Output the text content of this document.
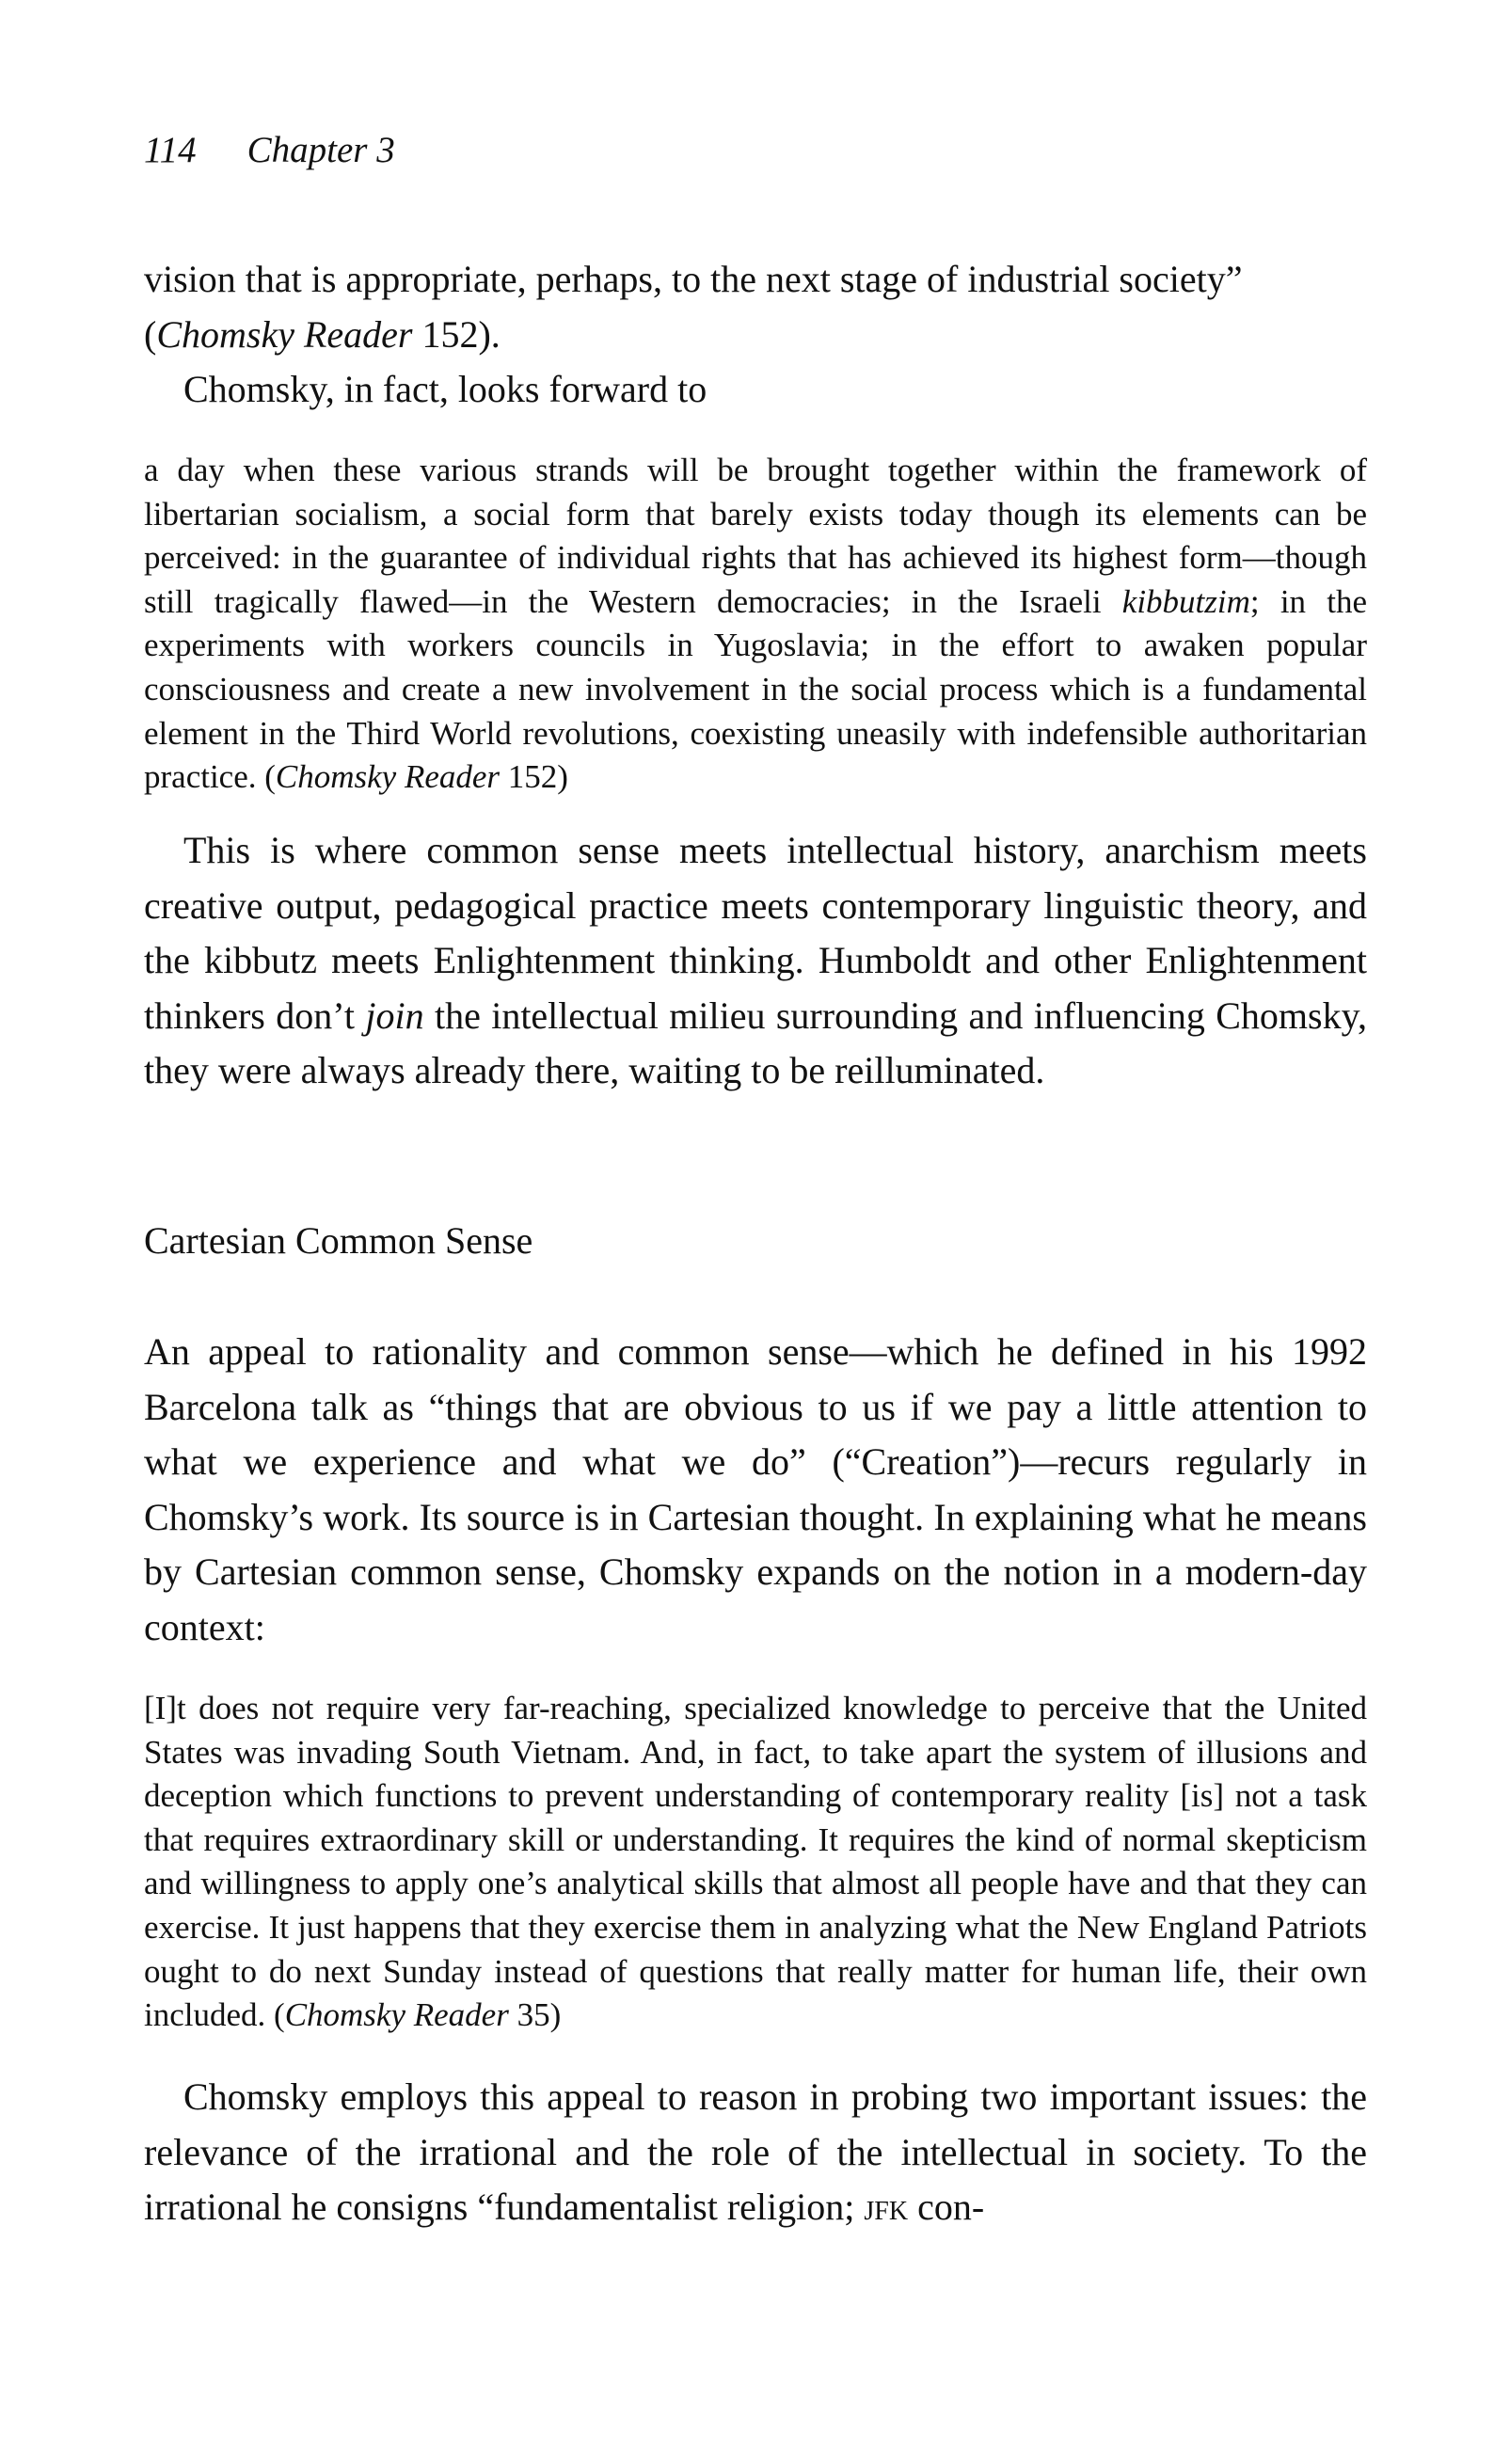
114 Chapter 3
vision that is appropriate, perhaps, to the next stage of industrial society”
(Chomsky Reader 152).
Chomsky, in fact, looks forward to
a day when these various strands will be brought together within the framework of libertarian socialism, a social form that barely exists today though its elements can be perceived: in the guarantee of individual rights that has achieved its highest form—though still tragically flawed—in the Western democracies; in the Israeli kibbutzim; in the experiments with workers councils in Yugoslavia; in the effort to awaken popular consciousness and create a new involvement in the social process which is a fundamental element in the Third World revolutions, coexisting uneasily with indefensible authoritarian practice. (Chomsky Reader 152)
This is where common sense meets intellectual history, anarchism meets creative output, pedagogical practice meets contemporary linguistic theory, and the kibbutz meets Enlightenment thinking. Humboldt and other Enlightenment thinkers don’t join the intellectual milieu surrounding and influencing Chomsky, they were always already there, waiting to be reilluminated.
Cartesian Common Sense
An appeal to rationality and common sense—which he defined in his 1992 Barcelona talk as “things that are obvious to us if we pay a little attention to what we experience and what we do” (“Creation”)—recurs regularly in Chomsky’s work. Its source is in Cartesian thought. In explaining what he means by Cartesian common sense, Chomsky expands on the notion in a modern-day context:
[I]t does not require very far-reaching, specialized knowledge to perceive that the United States was invading South Vietnam. And, in fact, to take apart the system of illusions and deception which functions to prevent understanding of contemporary reality [is] not a task that requires extraordinary skill or understanding. It requires the kind of normal skepticism and willingness to apply one’s analytical skills that almost all people have and that they can exercise. It just happens that they exercise them in analyzing what the New England Patriots ought to do next Sunday instead of questions that really matter for human life, their own included. (Chomsky Reader 35)
Chomsky employs this appeal to reason in probing two important issues: the relevance of the irrational and the role of the intellectual in society. To the irrational he consigns “fundamentalist religion; jfk con-
